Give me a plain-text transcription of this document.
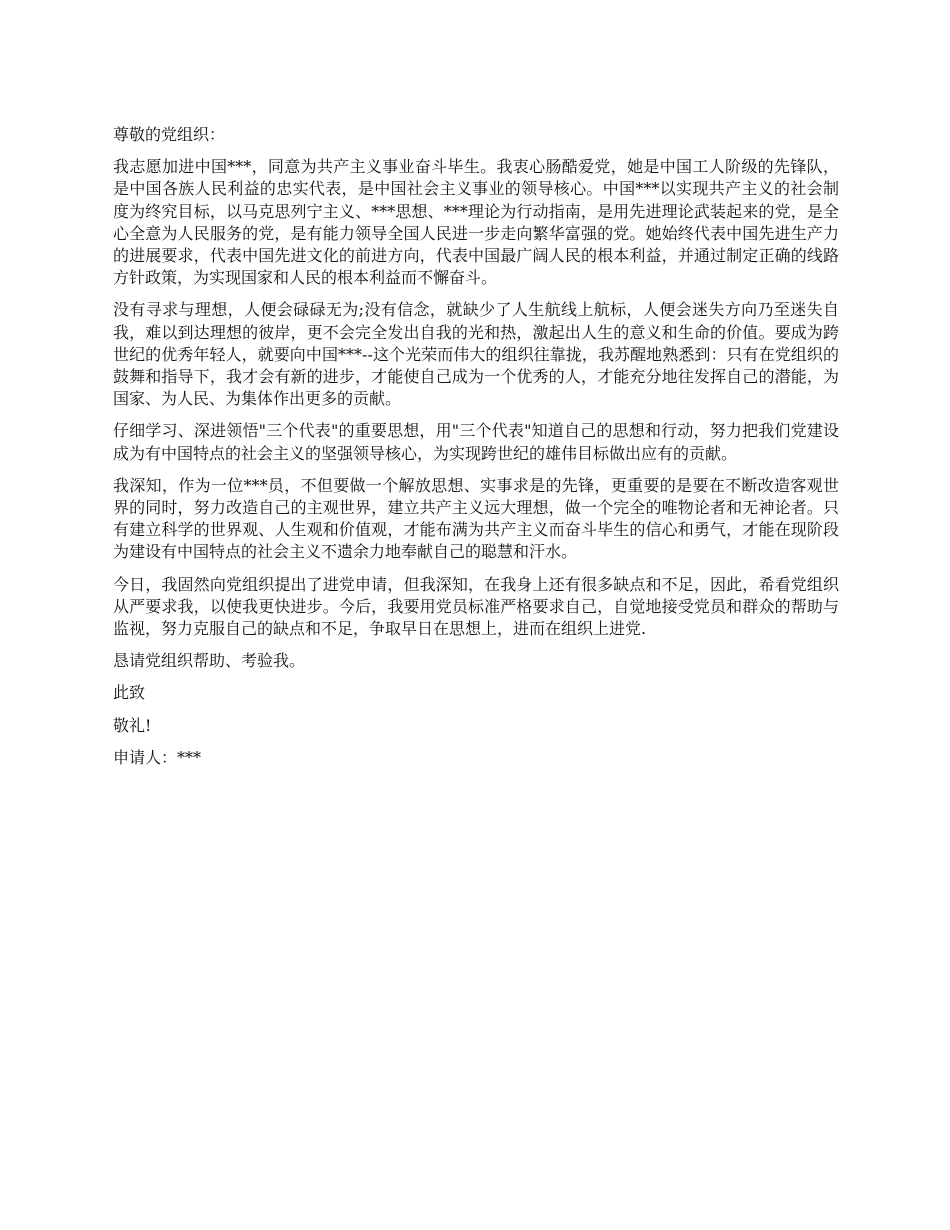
尊敬的党组织：

我志愿加进中国***，同意为共产主义事业奋斗毕生。我衷心肠酷爱党，她是中国工人阶级的先锋队，是中国各族人民利益的忠实代表，是中国社会主义事业的领导核心。中国***以实现共产主义的社会制度为终究目标，以马克思列宁主义、***思想、***理论为行动指南，是用先进理论武装起来的党，是全心全意为人民服务的党，是有能力领导全国人民进一步走向繁华富强的党。她始终代表中国先进生产力的进展要求，代表中国先进文化的前进方向，代表中国最广阔人民的根本利益，并通过制定正确的线路方针政策，为实现国家和人民的根本利益而不懈奋斗。

没有寻求与理想，人便会碌碌无为;没有信念，就缺少了人生航线上航标，人便会迷失方向乃至迷失自我，难以到达理想的彼岸，更不会完全发出自我的光和热，激起出人生的意义和生命的价值。要成为跨世纪的优秀年轻人，就要向中国***--这个光荣而伟大的组织往靠拢，我苏醒地熟悉到：只有在党组织的鼓舞和指导下，我才会有新的进步，才能使自己成为一个优秀的人，才能充分地往发挥自己的潜能，为国家、为人民、为集体作出更多的贡献。

仔细学习、深进领悟"三个代表"的重要思想，用"三个代表"知道自己的思想和行动，努力把我们党建设成为有中国特点的社会主义的坚强领导核心，为实现跨世纪的雄伟目标做出应有的贡献。

我深知，作为一位***员，不但要做一个解放思想、实事求是的先锋，更重要的是要在不断改造客观世界的同时，努力改造自己的主观世界，建立共产主义远大理想，做一个完全的唯物论者和无神论者。只有建立科学的世界观、人生观和价值观，才能布满为共产主义而奋斗毕生的信心和勇气，才能在现阶段为建设有中国特点的社会主义不遗余力地奉献自己的聪慧和汗水。

今日，我固然向党组织提出了进党申请，但我深知，在我身上还有很多缺点和不足，因此，希看党组织从严要求我，以使我更快进步。今后，我要用党员标准严格要求自己，自觉地接受党员和群众的帮助与监视，努力克服自己的缺点和不足，争取早日在思想上，进而在组织上进党.

恳请党组织帮助、考验我。

此致

敬礼!

申请人：***
